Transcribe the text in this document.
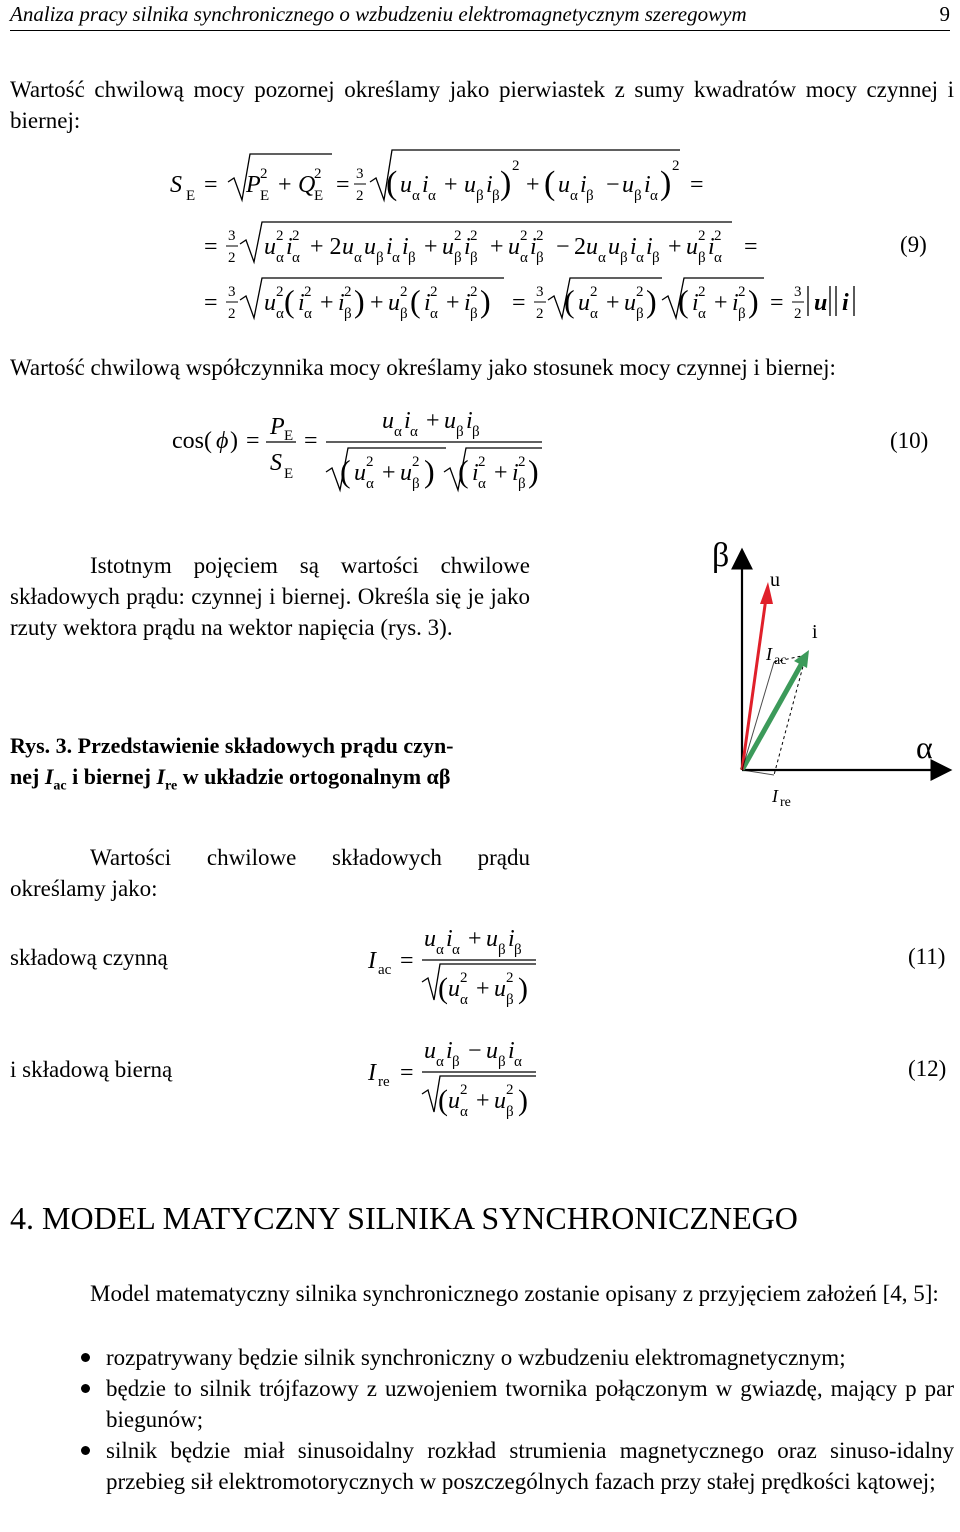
Analiza pracy silnika synchronicznego o wzbudzeniu elektromagnetycznym szeregowym	9
Wartość chwilową mocy pozornej określamy jako pierwiastek z sumy kwadratów mocy czynnej i biernej:
S E = P 2
E + Q
2
E = 3
2 ( u α i α + u β i β ) 2
+ ( u α i β − u β i α ) 2
=
= 3
2 u 2
α i 2
α + 2 u α u β i α i β + u 2
β i 2
β + u 2
α i 2
β − 2 u α u β i α i β + u 2
β i 2
α =
= 3
2 u 2
α ( i 2
α + i 2
β ) + u 2
β ( i 2
α + i 2
β ) = 3
2 ( u 2
α + u 2
β ) ( i 2
α + i 2
β ) = 3
2 u i
(9)
Wartość chwilową współczynnika mocy określamy jako stosunek mocy czynnej i biernej:
cos( ϕ ) =
P E
S E
=
u α i α + u β i β
( u 2
α + u 2
β ) ( i 2
α + i 2
β )
(10)
Istotnym pojęciem są wartości chwilowe składowych prądu: czynnej i biernej. Określa się je jako rzuty wektora prądu na wektor napięcia (rys. 3).
Rys. 3. Przedstawienie składowych prądu czyn-
nej $I_{ac}$ i biernej $I_{re}$ w układzie ortogonalnym αβ
β
α
u
i
I ac
I re
Wartości chwilowe składowych prądu określamy jako:
składową czynną	I ac =
u α i α + u β i β
( u 2
α + u 2
β )
(11)
i składową bierną	I re =
u α i β − u β i α
( u 2
α + u 2
β )
(12)
4. MODEL MATYCZNY SILNIKA SYNCHRONICZNEGO
Model matematyczny silnika synchronicznego zostanie opisany z przyjęciem założeń [4, 5]:
rozpatrywany będzie silnik synchroniczny o wzbudzeniu elektromagnetycznym;
będzie to silnik trójfazowy z uzwojeniem twornika połączonym w gwiazdę, mający p par biegunów;
silnik będzie miał sinusoidalny rozkład strumienia magnetycznego oraz sinuso-idalny przebieg sił elektromotorycznych w poszczególnych fazach przy stałej prędkości kątowej;
